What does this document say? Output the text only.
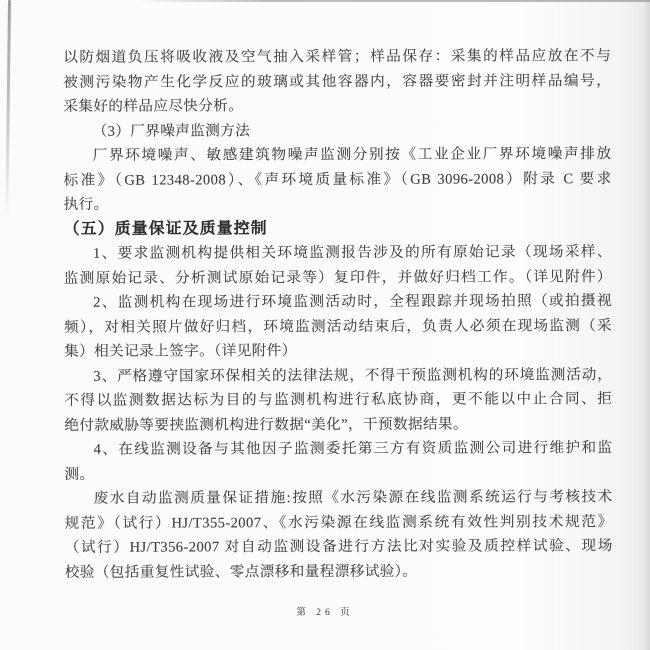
以防烟道负压将吸收液及空气抽入采样管；样品保存：采集的样品应放在不与
被测污染物产生化学反应的玻璃或其他容器内，容器要密封并注明样品编号，
采集好的样品应尽快分析。
（3）厂界噪声监测方法
厂界环境噪声、敏感建筑物噪声监测分别按《工业企业厂界环境噪声排放
标准》（GB 12348-2008）、《声环境质量标准》（GB 3096-2008）附录 C 要求
执行。
（五）质量保证及质量控制
1、要求监测机构提供相关环境监测报告涉及的所有原始记录（现场采样、
监测原始记录、分析测试原始记录等）复印件，并做好归档工作。（详见附件）
2、监测机构在现场进行环境监测活动时，全程跟踪并现场拍照（或拍摄视
频），对相关照片做好归档，环境监测活动结束后，负责人必须在现场监测（采
集）相关记录上签字。（详见附件）
3、严格遵守国家环保相关的法律法规，不得干预监测机构的环境监测活动，
不得以监测数据达标为目的与监测机构进行私底协商，更不能以中止合同、拒
绝付款威胁等要挟监测机构进行数据“美化”，干预数据结果。
4、在线监测设备与其他因子监测委托第三方有资质监测公司进行维护和监
测。
废水自动监测质量保证措施:按照《水污染源在线监测系统运行与考核技术
规范》（试行）HJ/T355-2007、《水污染源在线监测系统有效性判别技术规范》
（试行）HJ/T356-2007 对自动监测设备进行方法比对实验及质控样试验、现场
校验（包括重复性试验、零点漂移和量程漂移试验）。
第 26 页
